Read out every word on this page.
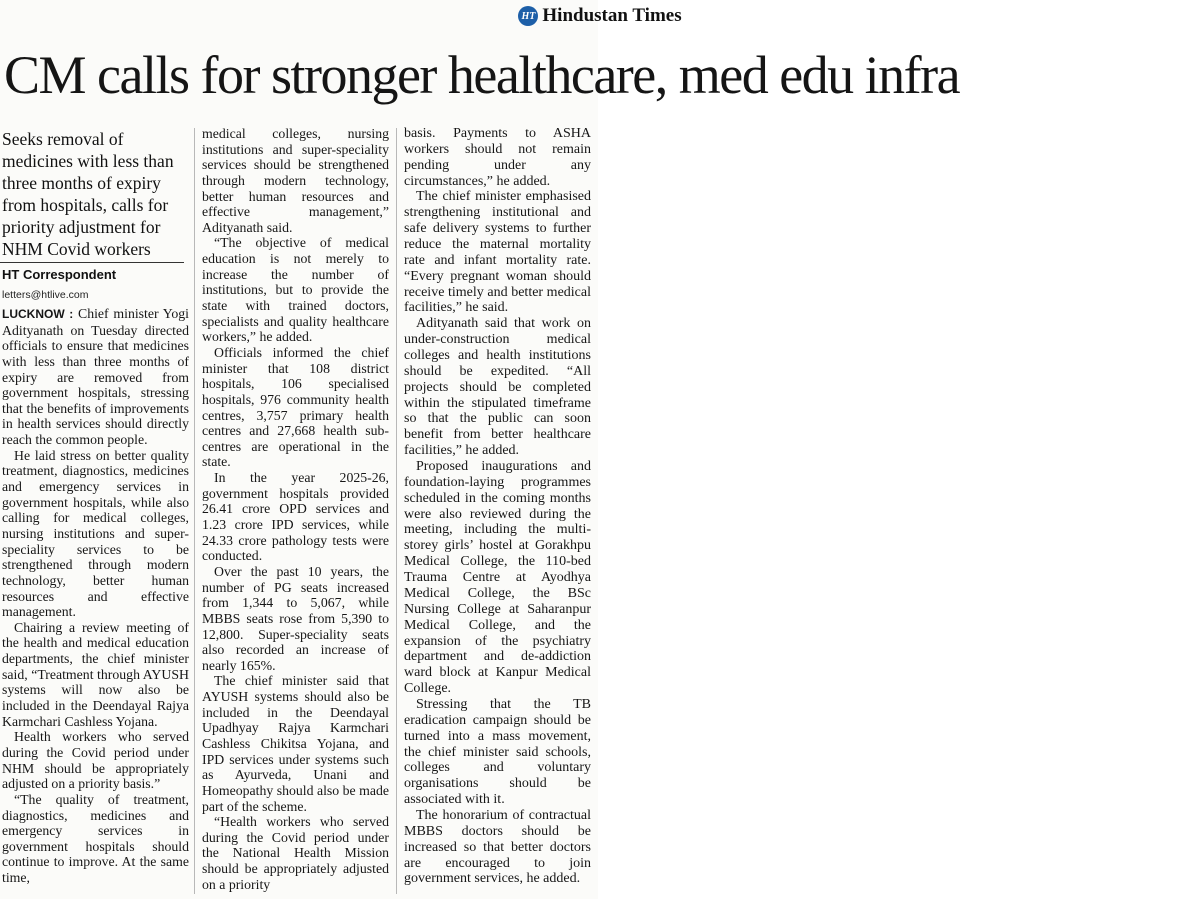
HT Hindustan Times
CM calls for stronger healthcare, med edu infra

Seeks removal of medicines with less than three months of expiry from hospitals, calls for priority adjustment for NHM Covid workers

HT Correspondent
letters@htlive.com

LUCKNOW : Chief minister Yogi Adityanath on Tuesday directed officials to ensure that medicines with less than three months of expiry are removed from government hospitals, stressing that the benefits of improvements in health services should directly reach the common people.

He laid stress on better quality treatment, diagnostics, medicines and emergency services in government hospitals, while also calling for medical colleges, nursing institutions and super-speciality services to be strengthened through modern technology, better human resources and effective management.

Chairing a review meeting of the health and medical education departments, the chief minister said, “Treatment through AYUSH systems will now also be included in the Deendayal Rajya Karmchari Cashless Yojana.

Health workers who served during the Covid period under NHM should be appropriately adjusted on a priority basis.”

“The quality of treatment, diagnostics, medicines and emergency services in government hospitals should continue to improve. At the same time,

medical colleges, nursing institutions and super-speciality services should be strengthened through modern technology, better human resources and effective management,” Adityanath said.

“The objective of medical education is not merely to increase the number of institutions, but to provide the state with trained doctors, specialists and quality healthcare workers,” he added.

Officials informed the chief minister that 108 district hospitals, 106 specialised hospitals, 976 community health centres, 3,757 primary health centres and 27,668 health sub-centres are operational in the state.

In the year 2025-26, government hospitals provided 26.41 crore OPD services and 1.23 crore IPD services, while 24.33 crore pathology tests were conducted.

Over the past 10 years, the number of PG seats increased from 1,344 to 5,067, while MBBS seats rose from 5,390 to 12,800. Super-speciality seats also recorded an increase of nearly 165%.

The chief minister said that AYUSH systems should also be included in the Deendayal Upadhyay Rajya Karmchari Cashless Chikitsa Yojana, and IPD services under systems such as Ayurveda, Unani and Homeopathy should also be made part of the scheme.

“Health workers who served during the Covid period under the National Health Mission should be appropriately adjusted on a priority

basis. Payments to ASHA workers should not remain pending under any circumstances,” he added.

The chief minister emphasised strengthening institutional and safe delivery systems to further reduce the maternal mortality rate and infant mortality rate. “Every pregnant woman should receive timely and better medical facilities,” he said.

Adityanath said that work on under-construction medical colleges and health institutions should be expedited. “All projects should be completed within the stipulated timeframe so that the public can soon benefit from better healthcare facilities,” he added.

Proposed inaugurations and foundation-laying programmes scheduled in the coming months were also reviewed during the meeting, including the multi-storey girls’ hostel at Gorakhpu Medical College, the 110-bed Trauma Centre at Ayodhya Medical College, the BSc Nursing College at Saharanpur Medical College, and the expansion of the psychiatry department and de-addiction ward block at Kanpur Medical College.

Stressing that the TB eradication campaign should be turned into a mass movement, the chief minister said schools, colleges and voluntary organisations should be associated with it.

The honorarium of contractual MBBS doctors should be increased so that better doctors are encouraged to join government services, he added.
